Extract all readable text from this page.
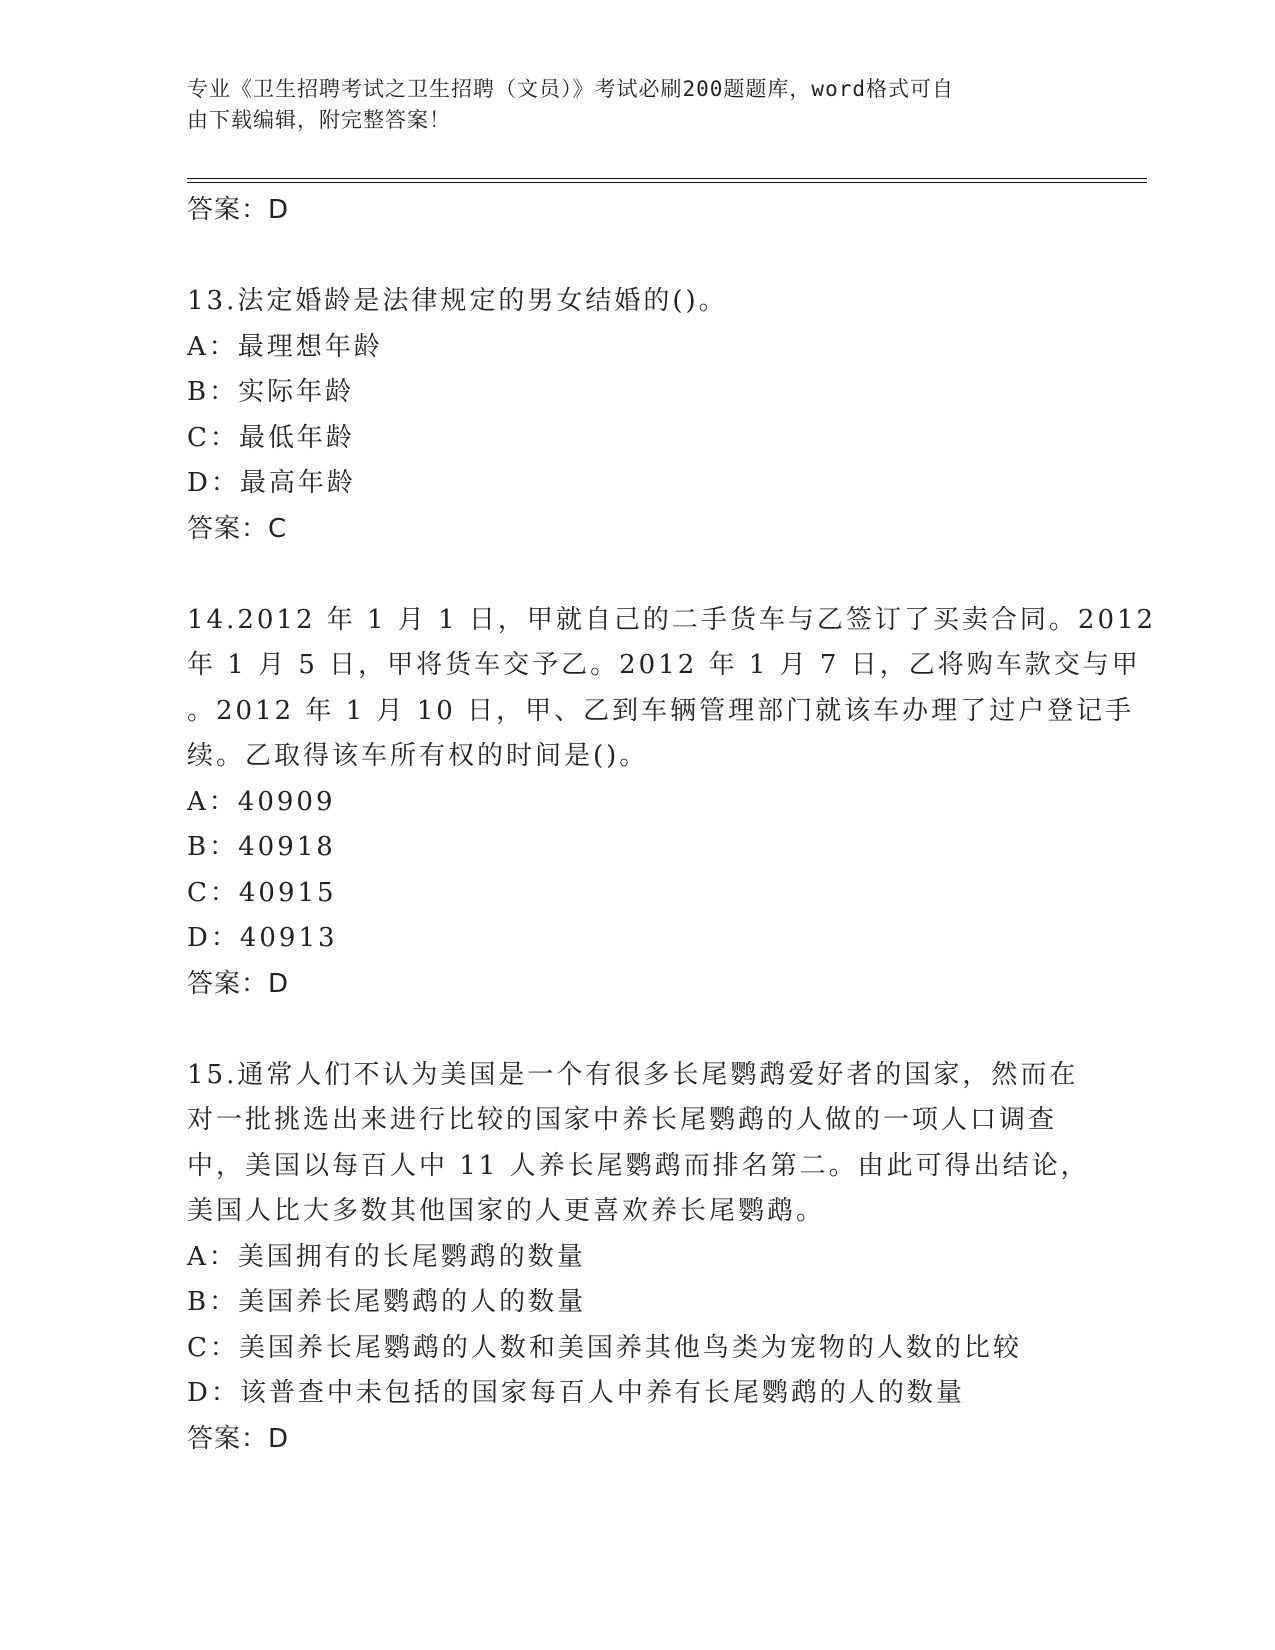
专业《卫生招聘考试之卫生招聘（文员）》考试必刷200题题库，word格式可自
由下载编辑，附完整答案！
答案：D
13.法定婚龄是法律规定的男女结婚的()。
A：最理想年龄
B：实际年龄
C：最低年龄
D：最高年龄
答案：C
14.2012 年 1 月 1 日，甲就自己的二手货车与乙签订了买卖合同。2012
年 1 月 5 日，甲将货车交予乙。2012 年 1 月 7 日，乙将购车款交与甲
。2012 年 1 月 10 日，甲、乙到车辆管理部门就该车办理了过户登记手
续。乙取得该车所有权的时间是()。
A：40909
B：40918
C：40915
D：40913
答案：D
15.通常人们不认为美国是一个有很多长尾鹦鹉爱好者的国家，然而在
对一批挑选出来进行比较的国家中养长尾鹦鹉的人做的一项人口调查
中，美国以每百人中 11 人养长尾鹦鹉而排名第二。由此可得出结论，
美国人比大多数其他国家的人更喜欢养长尾鹦鹉。
A：美国拥有的长尾鹦鹉的数量
B：美国养长尾鹦鹉的人的数量
C：美国养长尾鹦鹉的人数和美国养其他鸟类为宠物的人数的比较
D：该普查中未包括的国家每百人中养有长尾鹦鹉的人的数量
答案：D
